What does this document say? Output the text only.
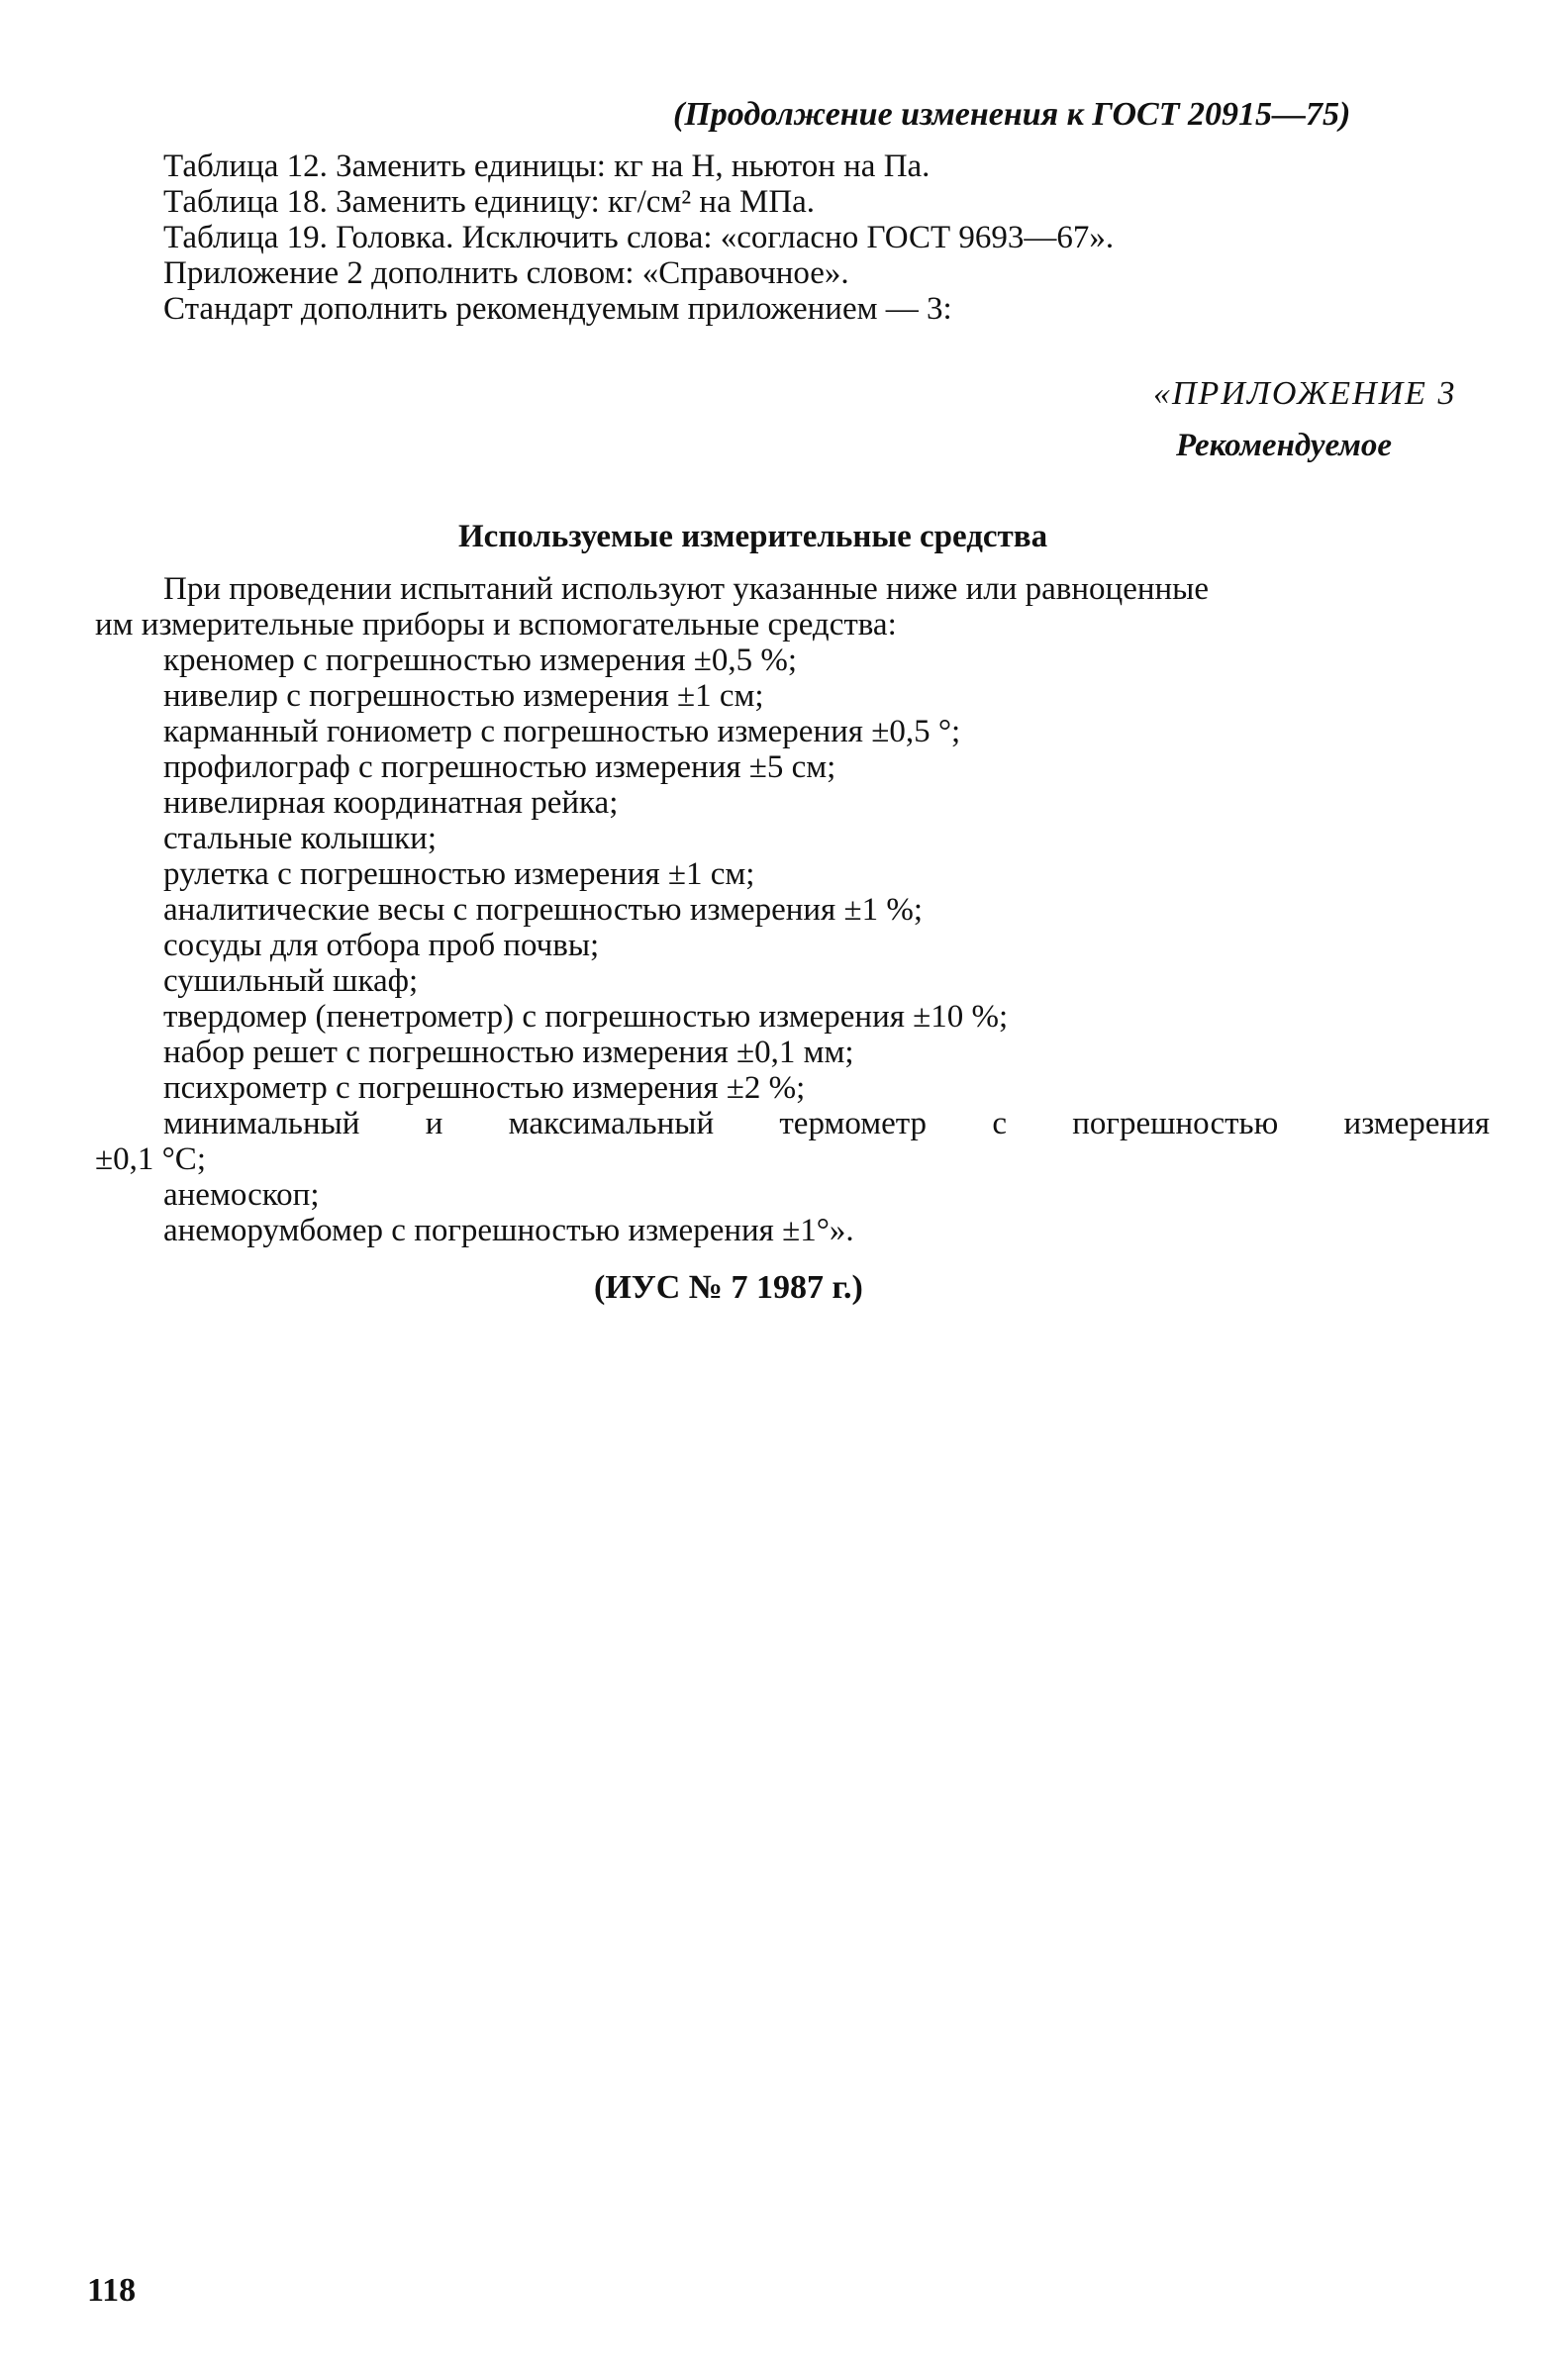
(Продолжение изменения к ГОСТ 20915—75)
Таблица 12. Заменить единицы: кг на Н, ньютон на Па.
Таблица 18. Заменить единицу: кг/см² на МПа.
Таблица 19. Головка. Исключить слова: «согласно ГОСТ 9693—67».
Приложение 2 дополнить словом: «Справочное».
Стандарт дополнить рекомендуемым приложением — 3:
«ПРИЛОЖЕНИЕ 3
Рекомендуемое
Используемые измерительные средства
При проведении испытаний используют указанные ниже или равноценные
им измерительные приборы и вспомогательные средства:
креномер с погрешностью измерения ±0,5 %;
нивелир с погрешностью измерения ±1 см;
карманный гониометр с погрешностью измерения ±0,5 °;
профилограф с погрешностью измерения ±5 см;
нивелирная координатная рейка;
стальные колышки;
рулетка с погрешностью измерения ±1 см;
аналитические весы с погрешностью измерения ±1 %;
сосуды для отбора проб почвы;
сушильный шкаф;
твердомер (пенетрометр) с погрешностью измерения ±10 %;
набор решет с погрешностью измерения ±0,1 мм;
психрометр с погрешностью измерения ±2 %;
минимальный и максимальный термометр с погрешностью измерения
±0,1 °С;
анемоскоп;
анеморумбомер с погрешностью измерения ±1°».
(ИУС № 7 1987 г.)
118
